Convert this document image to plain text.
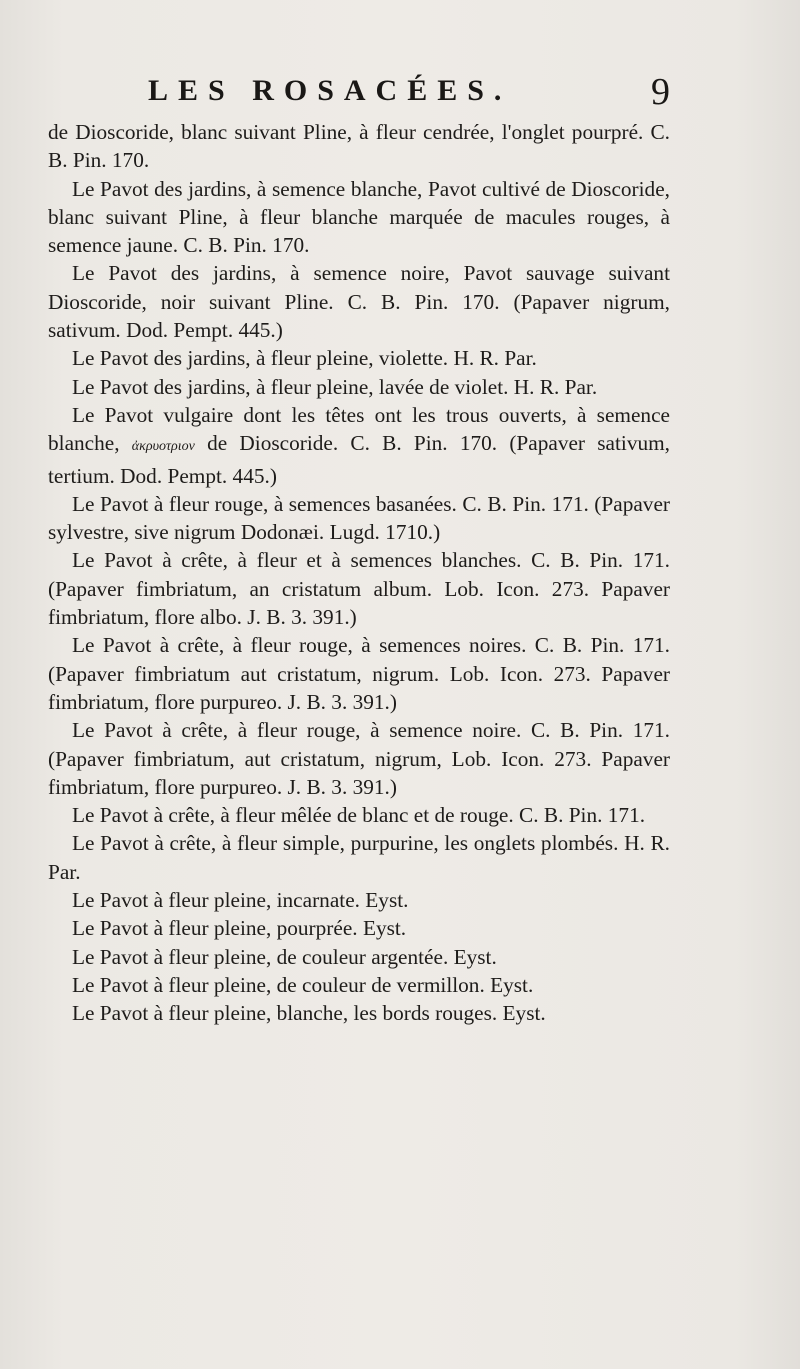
LES ROSACÉES.	9

de Dioscoride, blanc suivant Pline, à fleur cendrée, l'onglet pourpré. C. B. Pin. 170.

Le Pavot des jardins, à semence blanche, Pavot cultivé de Dioscoride, blanc suivant Pline, à fleur blanche marquée de macules rouges, à semence jaune. C. B. Pin. 170.

Le Pavot des jardins, à semence noire, Pavot sauvage suivant Dioscoride, noir suivant Pline. C. B. Pin. 170. (Papaver nigrum, sativum. Dod. Pempt. 445.)

Le Pavot des jardins, à fleur pleine, violette. H. R. Par.

Le Pavot des jardins, à fleur pleine, lavée de violet. H. R. Par.

Le Pavot vulgaire dont les têtes ont les trous ouverts, à semence blanche, ἀκρυοτριον de Dioscoride. C. B. Pin. 170. (Papaver sativum, tertium. Dod. Pempt. 445.)

Le Pavot à fleur rouge, à semences basanées. C. B. Pin. 171. (Papaver sylvestre, sive nigrum Dodonæi. Lugd. 1710.)

Le Pavot à crête, à fleur et à semences blanches. C. B. Pin. 171. (Papaver fimbriatum, an cristatum album. Lob. Icon. 273. Papaver fimbriatum, flore albo. J. B. 3. 391.)

Le Pavot à crête, à fleur rouge, à semences noires. C. B. Pin. 171. (Papaver fimbriatum aut cristatum, nigrum. Lob. Icon. 273. Papaver fimbriatum, flore purpureo. J. B. 3. 391.)

Le Pavot à crête, à fleur rouge, à semence noire. C. B. Pin. 171. (Papaver fimbriatum, aut cristatum, nigrum, Lob. Icon. 273. Papaver fimbriatum, flore purpureo. J. B. 3. 391.)

Le Pavot à crête, à fleur mêlée de blanc et de rouge. C. B. Pin. 171.

Le Pavot à crête, à fleur simple, purpurine, les onglets plombés. H. R. Par.

Le Pavot à fleur pleine, incarnate. Eyst.

Le Pavot à fleur pleine, pourprée. Eyst.

Le Pavot à fleur pleine, de couleur argentée. Eyst.

Le Pavot à fleur pleine, de couleur de vermillon. Eyst.

Le Pavot à fleur pleine, blanche, les bords rouges. Eyst.
